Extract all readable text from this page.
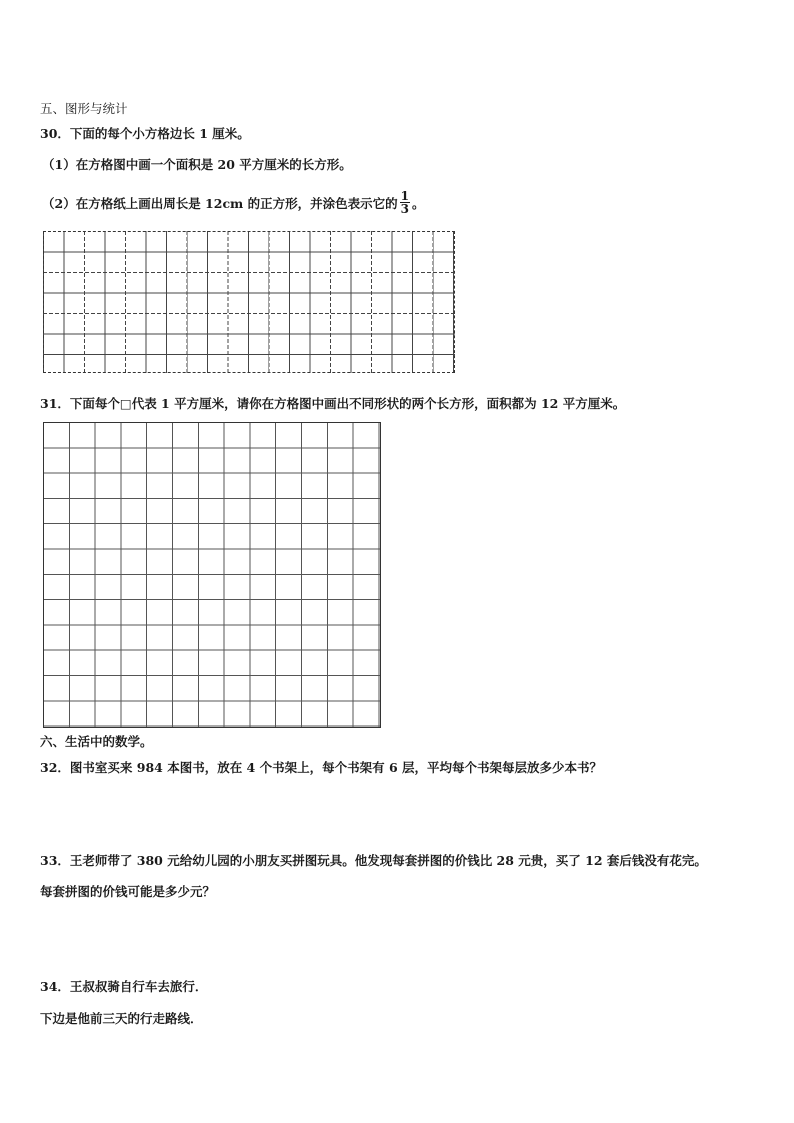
五、图形与统计
30．下面的每个小方格边长 1 厘米。
（1）在方格图中画一个面积是 20 平方厘米的长方形。
（2）在方格纸上画出周长是 12cm 的正方形，并涂色表示它的 $\frac{1}{3}$ 。
31．下面每个□代表 1 平方厘米，请你在方格图中画出不同形状的两个长方形，面积都为 12 平方厘米。
六、生活中的数学。
32．图书室买来 984 本图书，放在 4 个书架上，每个书架有 6 层，平均每个书架每层放多少本书？
33．王老师带了 380 元给幼儿园的小朋友买拼图玩具。他发现每套拼图的价钱比 28 元贵，买了 12 套后钱没有花完。
每套拼图的价钱可能是多少元？
34．王叔叔骑自行车去旅行．
下边是他前三天的行走路线．
